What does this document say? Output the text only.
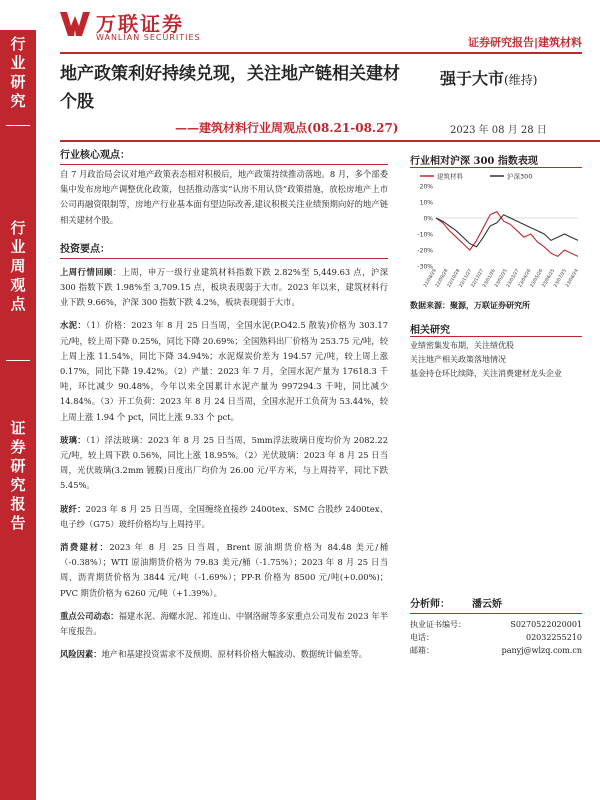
万联证券
WANLIAN SECURITIES	证券研究报告|建筑材料
行业研究
行业周观点
证券研究报告
地产政策利好持续兑现，关注地产链相关建材个股
——建筑材料行业周观点(08.21-08.27)
强于大市(维持)
2023 年 08 月 28 日
行业核心观点：

自 7 月政治局会议对地产政策表态相对积极后，地产政策持续推动落地。8 月，多个部委集中发布房地产调整优化政策，包括推动落实“认房不用认贷”政策措施，放松房地产上市公司再融资限制等，房地产行业基本面有望边际改善,建议积极关注业绩预期向好的地产链相关建材个股。

投资要点：

上周行情回顾：上周，申万一级行业建筑材料指数下跌 2.82%至 5,449.63 点，沪深 300 指数下跌 1.98%至 3,709.15 点，板块表现弱于大市。2023 年以来，建筑材料行业下跌 9.66%，沪深 300 指数下跌 4.2%，板块表现弱于大市。

水泥：（1）价格：2023 年 8 月 25 日当周，全国水泥(P.O42.5 散装)价格为 303.17 元/吨，较上周下降 0.25%，同比下降 20.69%；全国熟料出厂价格为 253.75 元/吨，较上周上涨 11.54%，同比下降 34.94%；水泥煤炭价差为 194.57 元/吨，较上周上涨 0.17%，同比下降 19.42%。（2）产量：2023 年 7 月，全国水泥产量为 17618.3 千吨，环比减少 90.48%，今年以来全国累计水泥产量为 997294.3 千吨，同比减少 14.84%。（3）开工负荷：2023 年 8 月 24 日当周，全国水泥开工负荷为 53.44%，较上周上涨 1.94 个 pct，同比上涨 9.33 个 pct。

玻璃：（1）浮法玻璃：2023 年 8 月 25 日当周，5mm浮法玻璃日度均价为 2082.22 元/吨，较上周下跌 0.56%，同比上涨 18.95%。（2）光伏玻璃：2023 年 8 月 25 日当周，光伏玻璃(3.2mm 镀膜)日度出厂均价为 26.00 元/平方米，与上周持平，同比下跌 5.45%。

玻纤：2023 年 8 月 25 日当周，全国缠绕直接纱 2400tex、SMC 合股纱 2400tex、电子纱（G75）玻纤价格均与上周持平。

消费建材：2023 年 8 月 25 日当周，Brent 原油期货价格为 84.48 美元/桶（-0.38%）；WTI 原油期货价格为 79.83 美元/桶（-1.75%）；2023 年 8 月 25 日当周，沥青期货价格为 3844 元/吨（-1.69%）；PP-R 价格为 8500 元/吨(+0.00%)；PVC 期货价格为 6260 元/吨（+1.39%）。

重点公司动态：福建水泥、海螺水泥、祁连山、中钢洛耐等多家重点公司发布 2023 年半年度报告。

风险因素：地产和基建投资需求不及预期、原材料价格大幅波动、数据统计偏差等。

行业相对沪深 300 指数表现
20%
10%
0%
-10%
-20%
-30%
22/08/29
22/09/28
22/10/28
22/11/27
22/12/27
23/01/26
23/02/25
23/03/27
23/04/26
23/05/26
23/06/25
23/07/25
23/08/24
建筑材料	沪深300
数据来源：聚源，万联证券研究所
相关研究
业绩密集发布期，关注绩优股
关注地产相关政策落地情况
基金持仓环比续降，关注消费建材龙头企业
分析师： 潘云娇
执业证书编号：	S0270522020001
电话：	02032255210
邮箱：	panyj@wlzq.com.cn
